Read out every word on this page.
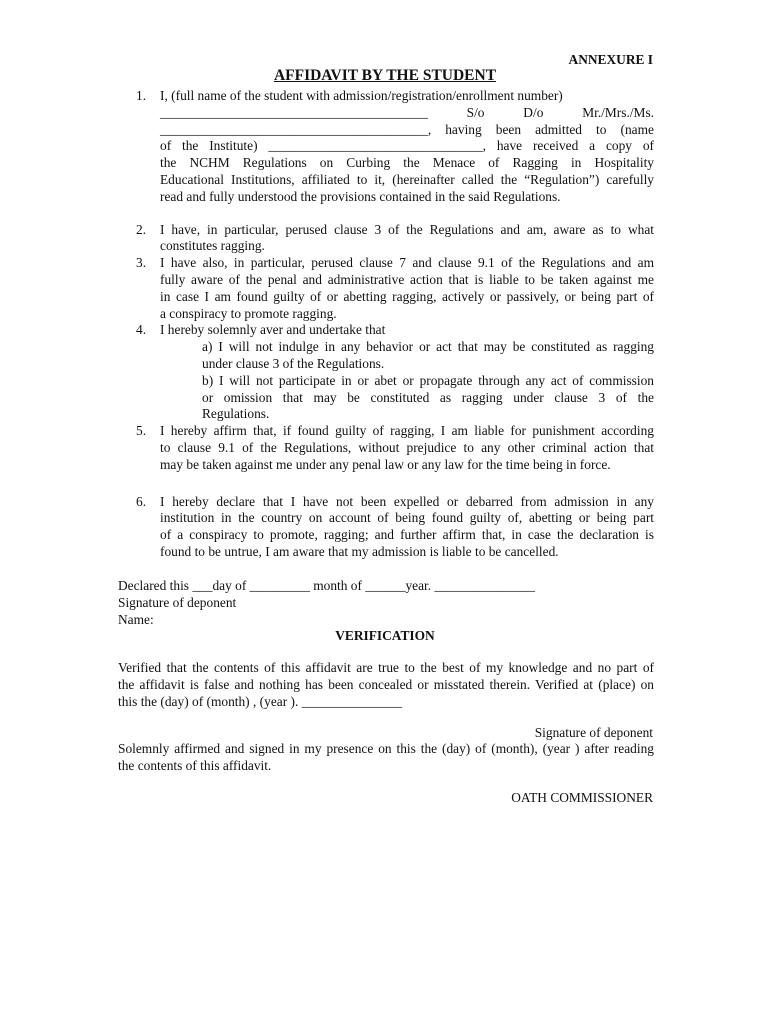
ANNEXURE I
AFFIDAVIT BY THE STUDENT
1.	I, (full name of the student with admission/registration/enrollment number)
________________________________________ S/o D/o Mr./Mrs./Ms.
________________________________________, having been admitted to (name
of the Institute) ________________________________, have received a copy of
the NCHM Regulations on Curbing the Menace of Ragging in Hospitality
Educational Institutions, affiliated to it, (hereinafter called the “Regulation”) carefully
read and fully understood the provisions contained in the said Regulations.
2.	I have, in particular, perused clause 3 of the Regulations and am, aware as to what
constitutes ragging.
3.	I have also, in particular, perused clause 7 and clause 9.1 of the Regulations and am
fully aware of the penal and administrative action that is liable to be taken against me
in case I am found guilty of or abetting ragging, actively or passively, or being part of
a conspiracy to promote ragging.
4.	I hereby solemnly aver and undertake that
a) I will not indulge in any behavior or act that may be constituted as ragging
under clause 3 of the Regulations.
b) I will not participate in or abet or propagate through any act of commission
or omission that may be constituted as ragging under clause 3 of the
Regulations.
5.	I hereby affirm that, if found guilty of ragging, I am liable for punishment according
to clause 9.1 of the Regulations, without prejudice to any other criminal action that
may be taken against me under any penal law or any law for the time being in force.
6.	I hereby declare that I have not been expelled or debarred from admission in any
institution in the country on account of being found guilty of, abetting or being part
of a conspiracy to promote, ragging; and further affirm that, in case the declaration is
found to be untrue, I am aware that my admission is liable to be cancelled.
Declared this ___day of _________ month of ______year. _______________
Signature of deponent
Name:
VERIFICATION
Verified that the contents of this affidavit are true to the best of my knowledge and no part of
the affidavit is false and nothing has been concealed or misstated therein. Verified at (place) on
this the (day) of (month) , (year ). _______________
Signature of deponent
Solemnly affirmed and signed in my presence on this the (day) of (month), (year ) after reading
the contents of this affidavit.
OATH COMMISSIONER
